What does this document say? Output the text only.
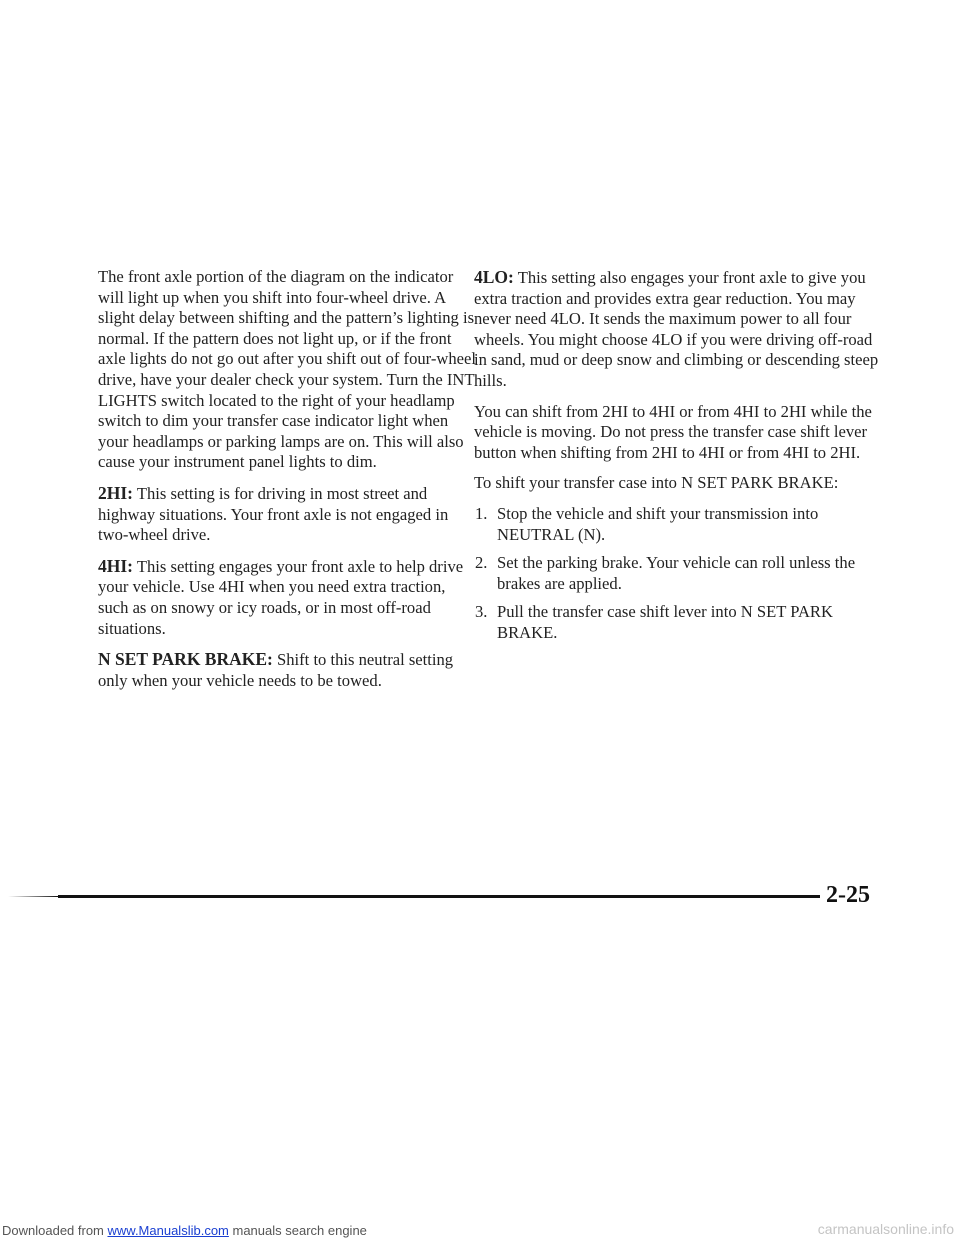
The front axle portion of the diagram on the indicator will light up when you shift into four-wheel drive. A slight delay between shifting and the pattern’s lighting is normal. If the pattern does not light up, or if the front axle lights do not go out after you shift out of four-wheel drive, have your dealer check your system. Turn the INT LIGHTS switch located to the right of your headlamp switch to dim your transfer case indicator light when your headlamps or parking lamps are on. This will also cause your instrument panel lights to dim.

2HI: This setting is for driving in most street and highway situations. Your front axle is not engaged in two-wheel drive.

4HI: This setting engages your front axle to help drive your vehicle. Use 4HI when you need extra traction, such as on snowy or icy roads, or in most off-road situations.

N SET PARK BRAKE: Shift to this neutral setting only when your vehicle needs to be towed.

4LO: This setting also engages your front axle to give you extra traction and provides extra gear reduction. You may never need 4LO. It sends the maximum power to all four wheels. You might choose 4LO if you were driving off-road in sand, mud or deep snow and climbing or descending steep hills.

You can shift from 2HI to 4HI or from 4HI to 2HI while the vehicle is moving. Do not press the transfer case shift lever button when shifting from 2HI to 4HI or from 4HI to 2HI.

To shift your transfer case into N SET PARK BRAKE:

1. Stop the vehicle and shift your transmission into NEUTRAL (N).
2. Set the parking brake. Your vehicle can roll unless the brakes are applied.
3. Pull the transfer case shift lever into N SET PARK BRAKE.
2-25
Downloaded from www.Manualslib.com manuals search engine	carmanualsonline.info
